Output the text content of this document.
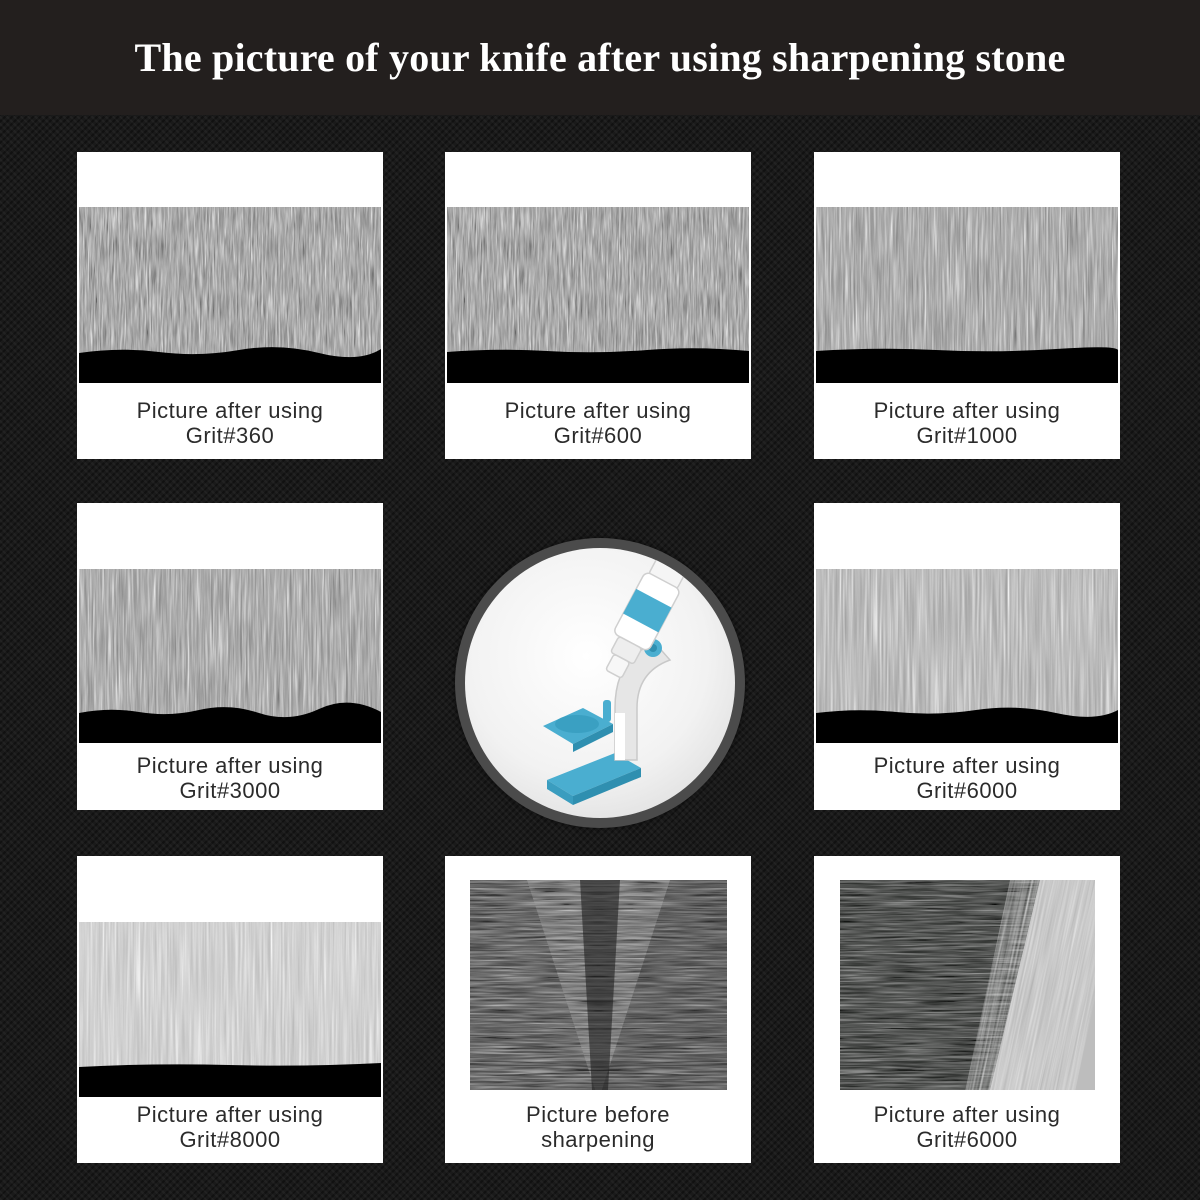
The picture of your knife after using sharpening stone
Picture after using
Grit#360
Picture after using
Grit#600
Picture after using
Grit#1000
Picture after using
Grit#3000
Picture after using
Grit#6000
Picture after using
Grit#8000
Picture before
sharpening
Picture after using
Grit#6000
